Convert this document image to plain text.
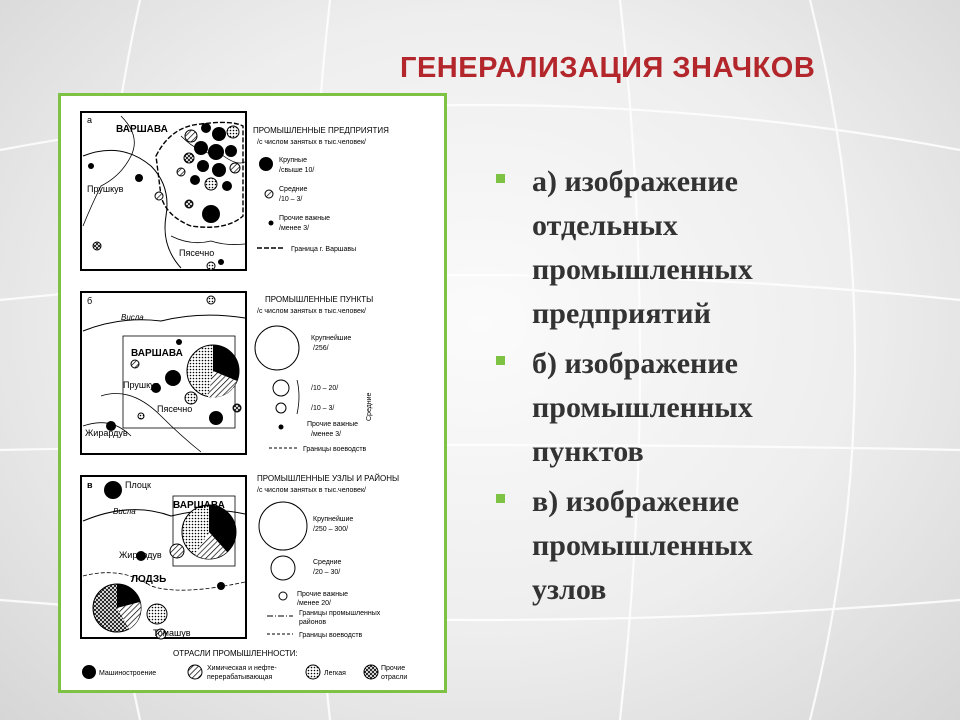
ГЕНЕРАЛИЗАЦИЯ ЗНАЧКОВ
а
ВАРШАВА
Прушкув
Пясечно
ПРОМЫШЛЕННЫЕ ПРЕДПРИЯТИЯ
/с числом занятых в тыс.человек/
Крупные
/свыше 10/
Средние
/10 – 3/
Прочие важные
/менее 3/
Граница г. Варшавы
б
Висла
ВАРШАВА
Прушкув
Пясечно
Жирардув
ПРОМЫШЛЕННЫЕ ПУНКТЫ
/с числом занятых в тыс.человек/
Крупнейшие
/256/
/10 – 20/
/10 – 3/	Средние
Прочие важные
/менее 3/
Границы воеводств
в
Висла
Плоцк
ВАРШАВА
Жирардув
ЛОДЗЬ
Томашув
ПРОМЫШЛЕННЫЕ УЗЛЫ И РАЙОНЫ
/с числом занятых в тыс.человек/
Крупнейшие
/250 – 300/
Средние
/20 – 30/
Прочие важные
/менее 20/
Границы промышленных
районов
Границы воеводств
ОТРАСЛИ ПРОМЫШЛЕННОСТИ:
Машиностроение
Химическая и нефте-
перерабатывающая
Легкая
Прочие
отрасли
а) изображение
отдельных
промышленных
предприятий
б) изображение
промышленных
пунктов
в) изображение
промышленных
узлов
